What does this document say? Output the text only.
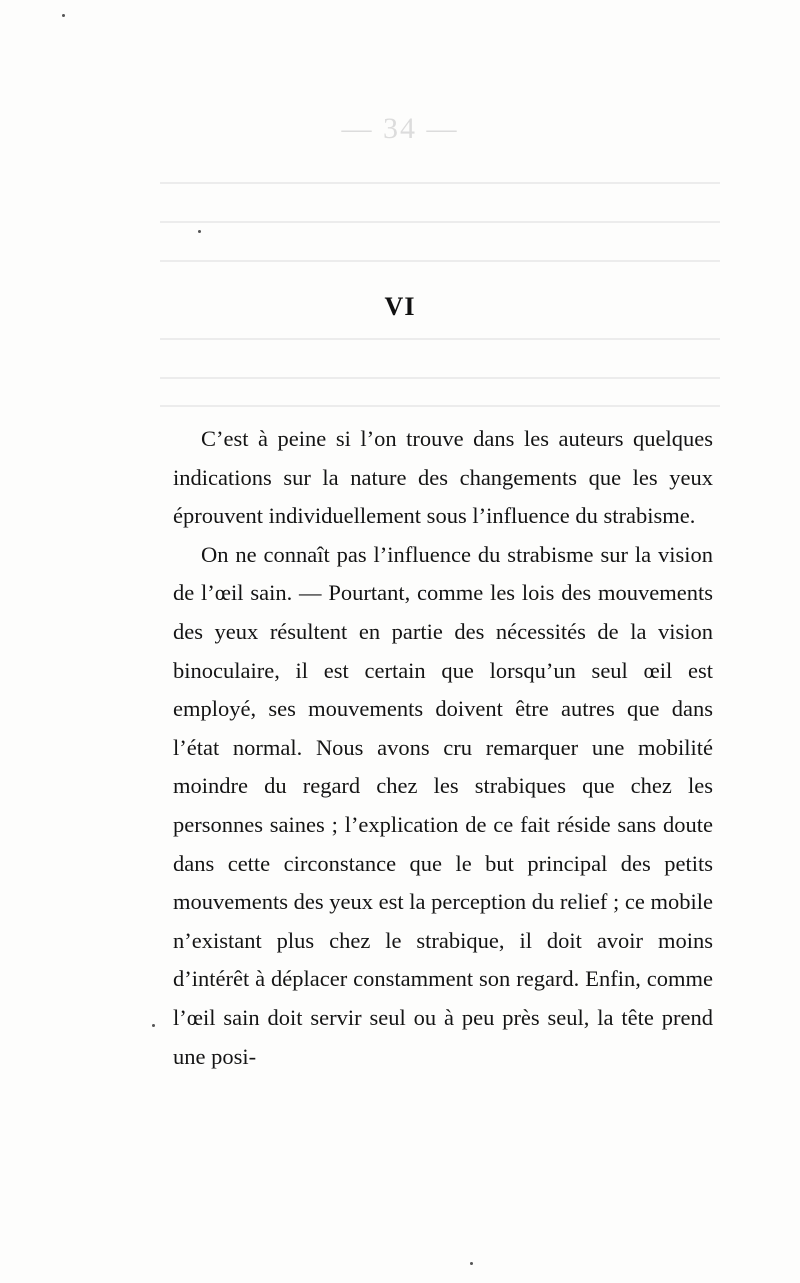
— 34 —
VI

C’est à peine si l’on trouve dans les auteurs quelques indications sur la nature des changements que les yeux éprouvent individuellement sous l’influence du strabisme.

On ne connaît pas l’influence du strabisme sur la vision de l’œil sain. — Pourtant, comme les lois des mouvements des yeux résultent en partie des nécessités de la vision binoculaire, il est certain que lorsqu’un seul œil est employé, ses mouvements doivent être autres que dans l’état normal. Nous avons cru remarquer une mobilité moindre du regard chez les strabiques que chez les personnes saines ; l’explication de ce fait réside sans doute dans cette circonstance que le but principal des petits mouvements des yeux est la perception du relief ; ce mobile n’existant plus chez le strabique, il doit avoir moins d’intérêt à déplacer constamment son regard. Enfin, comme l’œil sain doit servir seul ou à peu près seul, la tête prend une posi-
